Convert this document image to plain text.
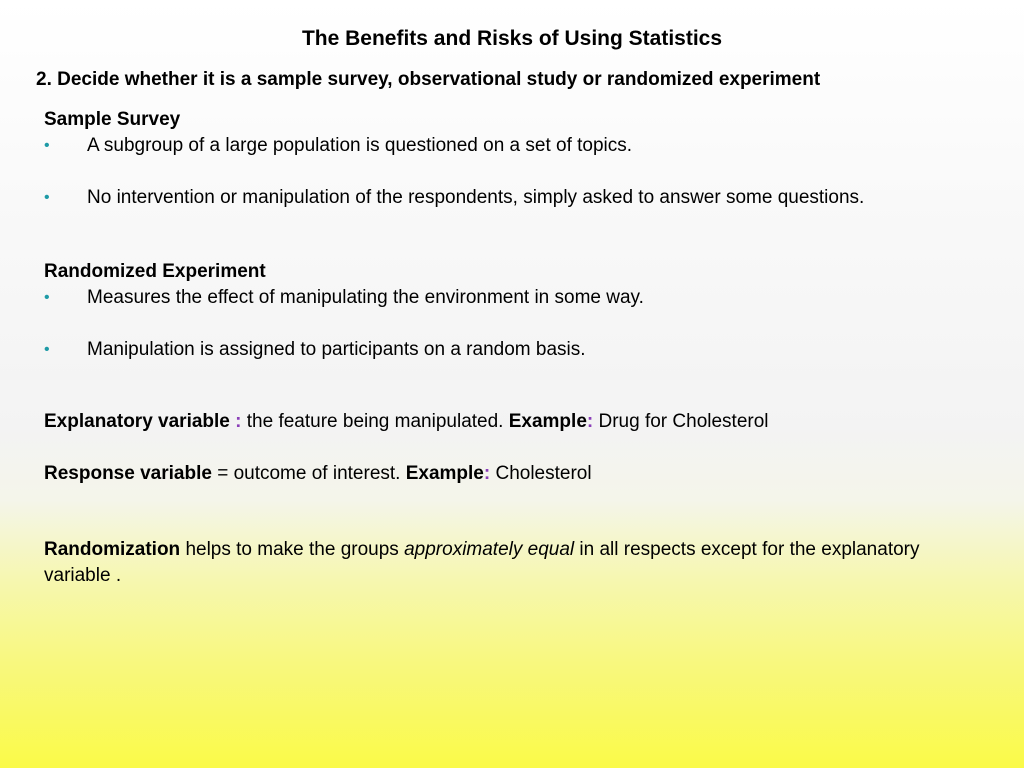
The Benefits and Risks of Using Statistics
2. Decide whether it is a sample survey, observational study or randomized experiment
Sample Survey
• A subgroup of a large population is questioned on a set of topics.
• No intervention or manipulation of the respondents, simply asked to answer some questions.
Randomized Experiment
• Measures the effect of manipulating the environment in some way.
• Manipulation is assigned to participants on a random basis.
Explanatory variable : the feature being manipulated. Example: Drug for Cholesterol
Response variable = outcome of interest. Example: Cholesterol
Randomization helps to make the groups approximately equal in all respects except for the explanatory variable .
